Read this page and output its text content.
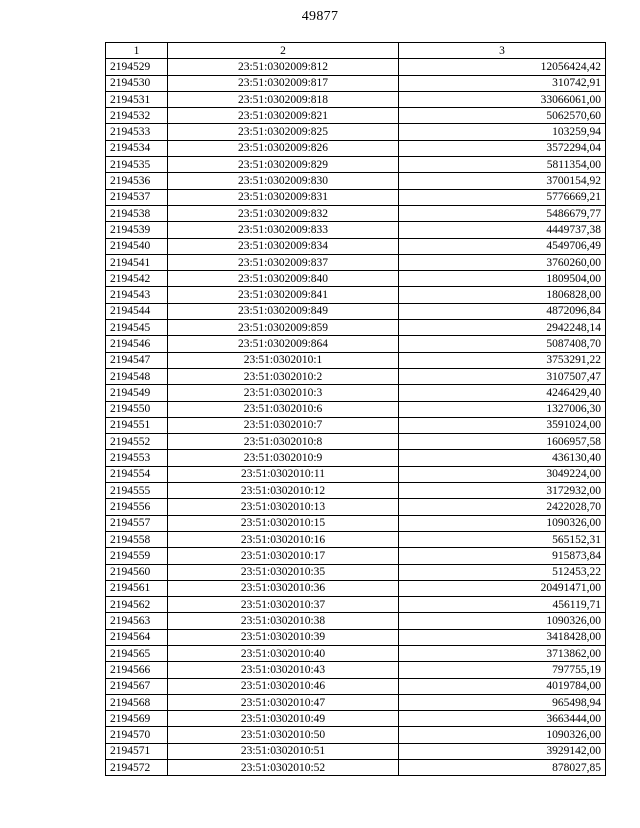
49877
1	2	3
2194529	23:51:0302009:812	12056424,42
2194530	23:51:0302009:817	310742,91
2194531	23:51:0302009:818	33066061,00
2194532	23:51:0302009:821	5062570,60
2194533	23:51:0302009:825	103259,94
2194534	23:51:0302009:826	3572294,04
2194535	23:51:0302009:829	5811354,00
2194536	23:51:0302009:830	3700154,92
2194537	23:51:0302009:831	5776669,21
2194538	23:51:0302009:832	5486679,77
2194539	23:51:0302009:833	4449737,38
2194540	23:51:0302009:834	4549706,49
2194541	23:51:0302009:837	3760260,00
2194542	23:51:0302009:840	1809504,00
2194543	23:51:0302009:841	1806828,00
2194544	23:51:0302009:849	4872096,84
2194545	23:51:0302009:859	2942248,14
2194546	23:51:0302009:864	5087408,70
2194547	23:51:0302010:1	3753291,22
2194548	23:51:0302010:2	3107507,47
2194549	23:51:0302010:3	4246429,40
2194550	23:51:0302010:6	1327006,30
2194551	23:51:0302010:7	3591024,00
2194552	23:51:0302010:8	1606957,58
2194553	23:51:0302010:9	436130,40
2194554	23:51:0302010:11	3049224,00
2194555	23:51:0302010:12	3172932,00
2194556	23:51:0302010:13	2422028,70
2194557	23:51:0302010:15	1090326,00
2194558	23:51:0302010:16	565152,31
2194559	23:51:0302010:17	915873,84
2194560	23:51:0302010:35	512453,22
2194561	23:51:0302010:36	20491471,00
2194562	23:51:0302010:37	456119,71
2194563	23:51:0302010:38	1090326,00
2194564	23:51:0302010:39	3418428,00
2194565	23:51:0302010:40	3713862,00
2194566	23:51:0302010:43	797755,19
2194567	23:51:0302010:46	4019784,00
2194568	23:51:0302010:47	965498,94
2194569	23:51:0302010:49	3663444,00
2194570	23:51:0302010:50	1090326,00
2194571	23:51:0302010:51	3929142,00
2194572	23:51:0302010:52	878027,85
